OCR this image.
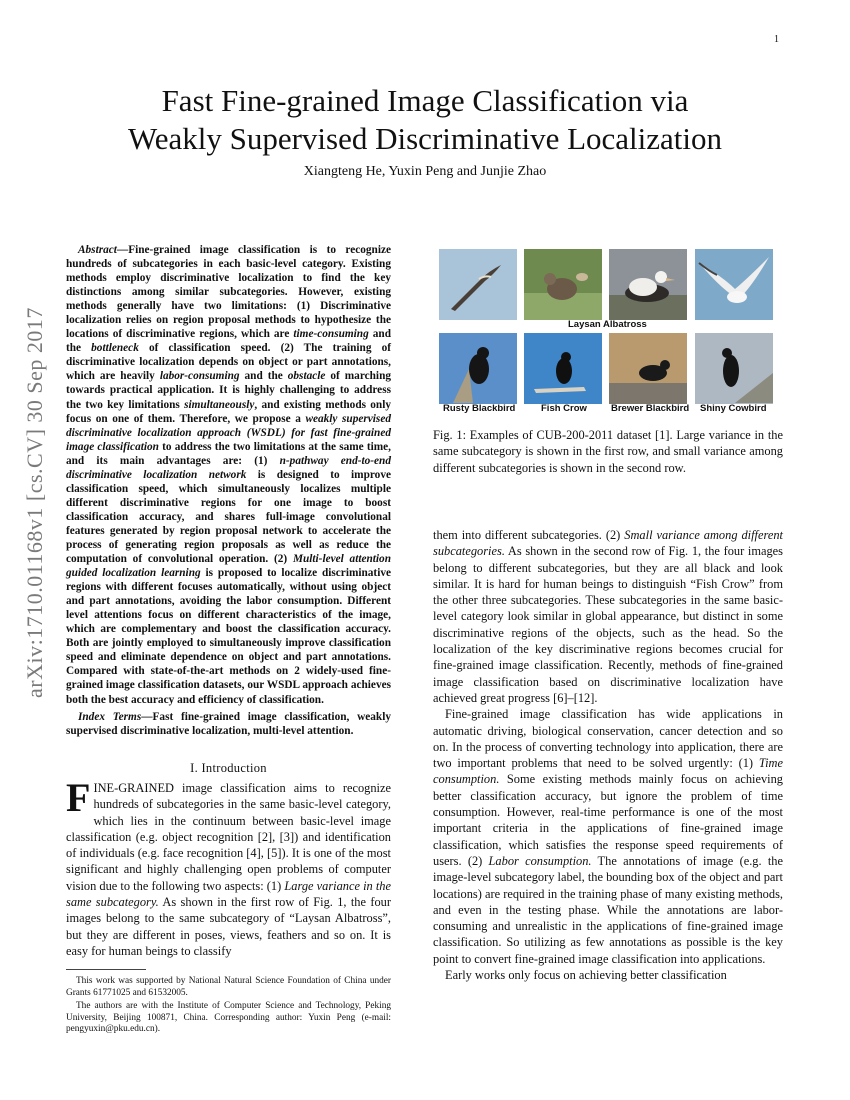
1
arXiv:1710.01168v1 [cs.CV] 30 Sep 2017
Fast Fine-grained Image Classification via
Weakly Supervised Discriminative Localization
Xiangteng He, Yuxin Peng and Junjie Zhao

Abstract—Fine-grained image classification is to recognize hundreds of subcategories in each basic-level category. Existing methods employ discriminative localization to find the key distinctions among similar subcategories. However, existing methods generally have two limitations: (1) Discriminative localization relies on region proposal methods to hypothesize the locations of discriminative regions, which are time-consuming and the bottleneck of classification speed. (2) The training of discriminative localization depends on object or part annotations, which are heavily labor-consuming and the obstacle of marching towards practical application. It is highly challenging to address the two key limitations simultaneously, and existing methods only focus on one of them. Therefore, we propose a weakly supervised discriminative localization approach (WSDL) for fast fine-grained image classification to address the two limitations at the same time, and its main advantages are: (1) n-pathway end-to-end discriminative localization network is designed to improve classification speed, which simultaneously localizes multiple different discriminative regions for one image to boost classification accuracy, and shares full-image convolutional features generated by region proposal network to accelerate the process of generating region proposals as well as reduce the computation of convolutional operation. (2) Multi-level attention guided localization learning is proposed to localize discriminative regions with different focuses automatically, without using object and part annotations, avoiding the labor consumption. Different level attentions focus on different characteristics of the image, which are complementary and boost the classification accuracy. Both are jointly employed to simultaneously improve classification speed and eliminate dependence on object and part annotations. Compared with state-of-the-art methods on 2 widely-used fine-grained image classification datasets, our WSDL approach achieves both the best accuracy and efficiency of classification.

Index Terms—Fast fine-grained image classification, weakly supervised discriminative localization, multi-level attention.

I. Introduction

FINE-GRAINED image classification aims to recognize hundreds of subcategories in the same basic-level category, which lies in the continuum between basic-level image classification (e.g. object recognition [2], [3]) and identification of individuals (e.g. face recognition [4], [5]). It is one of the most significant and highly challenging open problems of computer vision due to the following two aspects: (1) Large variance in the same subcategory. As shown in the first row of Fig. 1, the four images belong to the same subcategory of “Laysan Albatross”, but they are different in poses, views, feathers and so on. It is easy for human beings to classify

This work was supported by National Natural Science Foundation of China under Grants 61771025 and 61532005.

The authors are with the Institute of Computer Science and Technology, Peking University, Beijing 100871, China. Corresponding author: Yuxin Peng (e-mail: pengyuxin@pku.edu.cn).

Laysan Albatross
Rusty Blackbird	Fish Crow	Brewer Blackbird Shiny Cowbird
Fig. 1: Examples of CUB-200-2011 dataset [1]. Large variance in the same subcategory is shown in the first row, and small variance among different subcategories is shown in the second row.

them into different subcategories. (2) Small variance among different subcategories. As shown in the second row of Fig. 1, the four images belong to different subcategories, but they are all black and look similar. It is hard for human beings to distinguish “Fish Crow” from the other three subcategories. These subcategories in the same basic-level category look similar in global appearance, but distinct in some discriminative regions of the objects, such as the head. So the localization of the key discriminative regions becomes crucial for fine-grained image classification. Recently, methods of fine-grained image classification based on discriminative localization have achieved great progress [6]–[12].

Fine-grained image classification has wide applications in automatic driving, biological conservation, cancer detection and so on. In the process of converting technology into application, there are two important problems that need to be solved urgently: (1) Time consumption. Some existing methods mainly focus on achieving better classification accuracy, but ignore the problem of time consumption. However, real-time performance is one of the most important criteria in the applications of fine-grained image classification, which satisfies the response speed requirements of users. (2) Labor consumption. The annotations of image (e.g. the image-level subcategory label, the bounding box of the object and part locations) are required in the training phase of many existing methods, and even in the testing phase. While the annotations are labor-consuming and unrealistic in the applications of fine-grained image classification. So utilizing as few annotations as possible is the key point to convert fine-grained image classification into applications.

Early works only focus on achieving better classification
